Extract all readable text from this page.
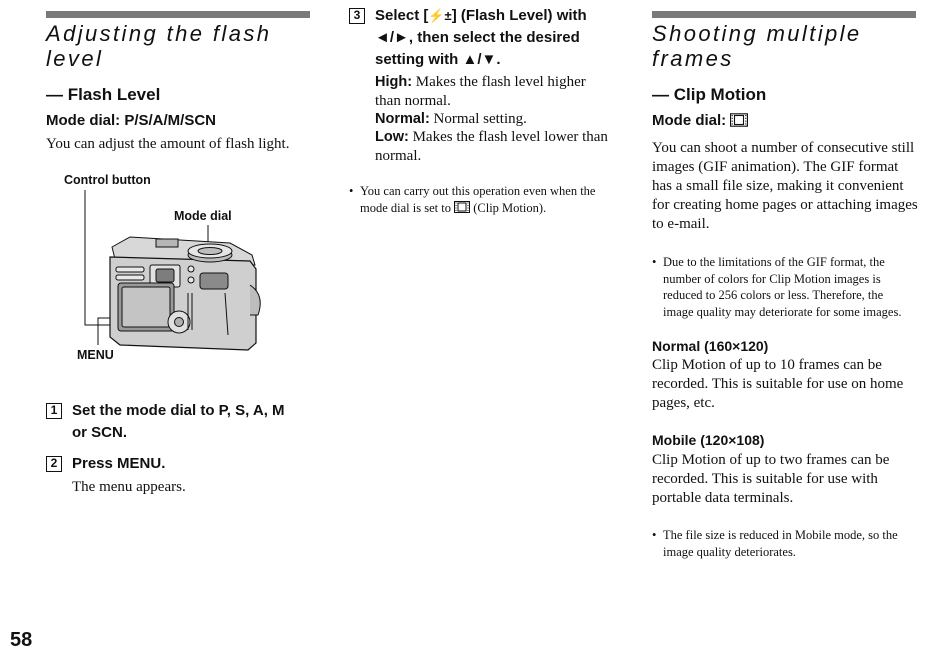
Adjusting the flash level
— Flash Level
Mode dial: P/S/A/M/SCN
You can adjust the amount of flash light.
Control button
Mode dial
MENU
1 Set the mode dial to P, S, A, M
or SCN.
2 Press MENU.
The menu appears.
3 Select [⚡±] (Flash Level) with
◄/►, then select the desired
setting with ▲/▼.
High: Makes the flash level higher
than normal.
Normal: Normal setting.
Low: Makes the flash level lower than
normal.
• You can carry out this operation even when the
mode dial is set to (Clip Motion).
Shooting multiple
frames
— Clip Motion
Mode dial:
You can shoot a number of consecutive still
images (GIF animation). The GIF format
has a small file size, making it convenient
for creating home pages or attaching images
to e-mail.
• Due to the limitations of the GIF format, the
number of colors for Clip Motion images is
reduced to 256 colors or less. Therefore, the
image quality may deteriorate for some images.
Normal (160×120)
Clip Motion of up to 10 frames can be
recorded. This is suitable for use on home
pages, etc.
Mobile (120×108)
Clip Motion of up to two frames can be
recorded. This is suitable for use with
portable data terminals.
• The file size is reduced in Mobile mode, so the
image quality deteriorates.
58
